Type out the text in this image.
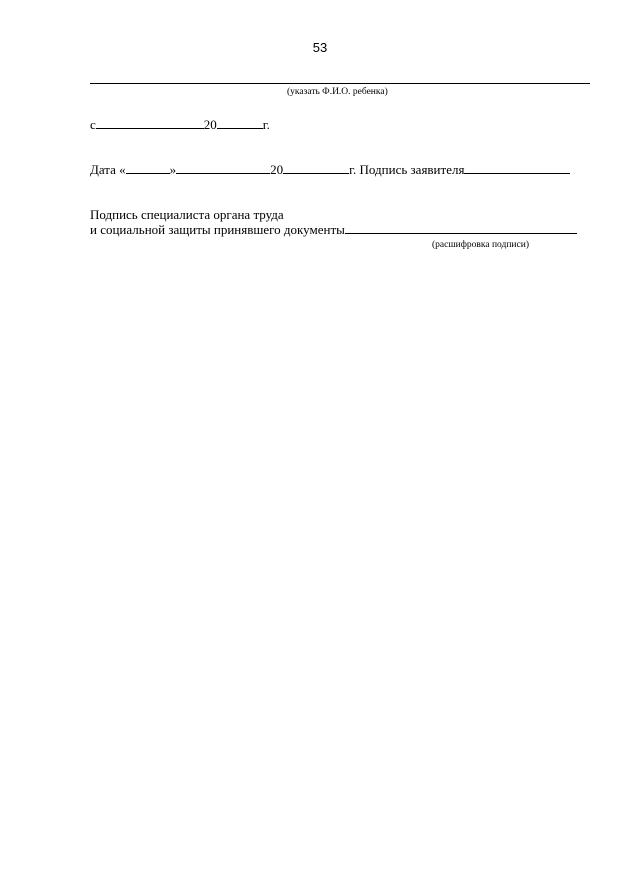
53
(указать Ф.И.О. ребенка)
с	20	г.
Дата «	»	20	г. Подпись заявителя
Подпись специалиста органа труда
и социальной защиты принявшего документы
(расшифровка подписи)
